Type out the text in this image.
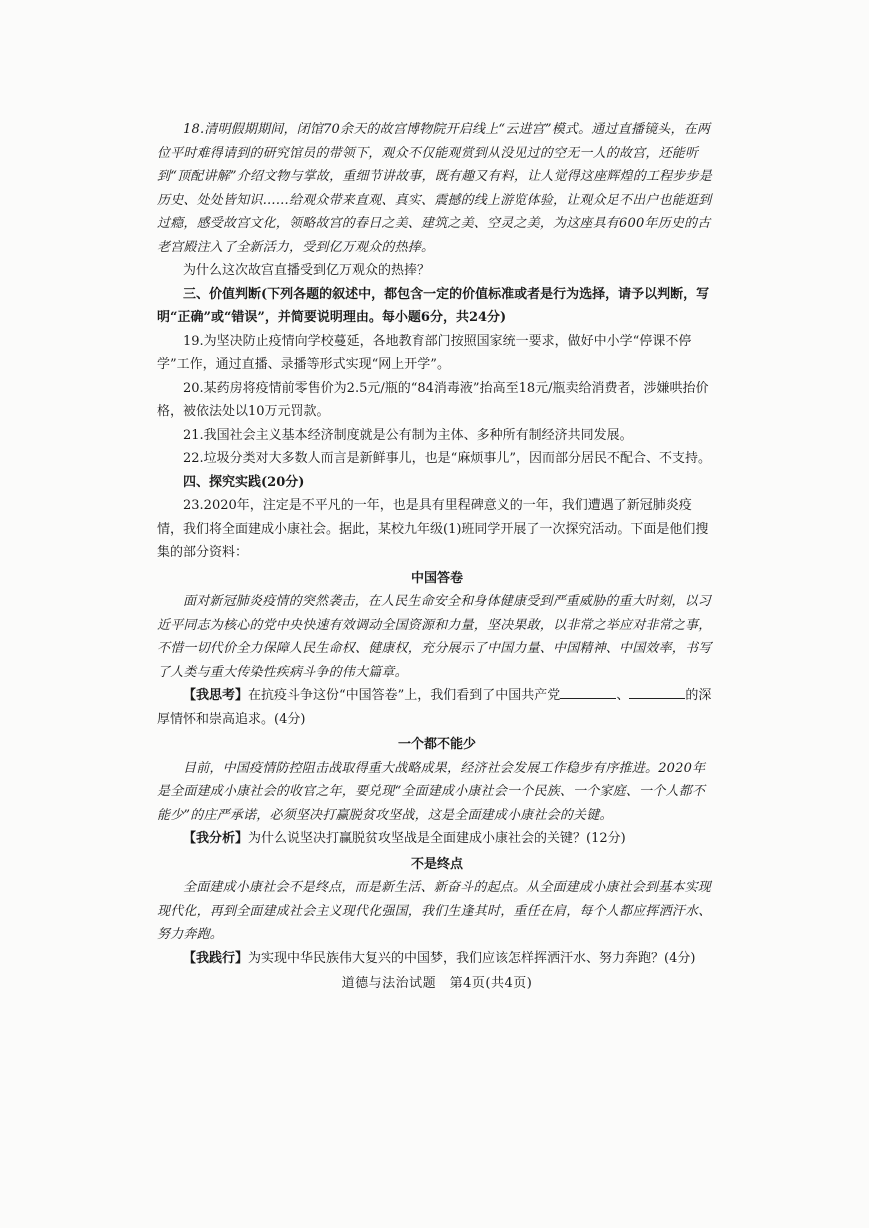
18.清明假期期间，闭馆70余天的故宫博物院开启线上“云进宫”模式。通过直播镜头，在两位平时难得请到的研究馆员的带领下，观众不仅能观赏到从没见过的空无一人的故宫，还能听到“顶配讲解”介绍文物与掌故，重细节讲故事，既有趣又有料，让人觉得这座辉煌的工程步步是历史、处处皆知识……给观众带来直观、真实、震撼的线上游览体验，让观众足不出户也能逛到过瘾，感受故宫文化，领略故宫的春日之美、建筑之美、空灵之美，为这座具有600年历史的古老宫殿注入了全新活力，受到亿万观众的热捧。

为什么这次故宫直播受到亿万观众的热捧？

三、价值判断(下列各题的叙述中，都包含一定的价值标准或者是行为选择，请予以判断，写明“正确”或“错误”，并简要说明理由。每小题6分，共24分)

19.为坚决防止疫情向学校蔓延，各地教育部门按照国家统一要求，做好中小学“停课不停学”工作，通过直播、录播等形式实现“网上开学”。

20.某药房将疫情前零售价为2.5元/瓶的“84消毒液”抬高至18元/瓶卖给消费者，涉嫌哄抬价格，被依法处以10万元罚款。

21.我国社会主义基本经济制度就是公有制为主体、多种所有制经济共同发展。

22.垃圾分类对大多数人而言是新鲜事儿，也是“麻烦事儿”，因而部分居民不配合、不支持。

四、探究实践(20分)

23.2020年，注定是不平凡的一年，也是具有里程碑意义的一年，我们遭遇了新冠肺炎疫情，我们将全面建成小康社会。据此，某校九年级(1)班同学开展了一次探究活动。下面是他们搜集的部分资料：

中国答卷

面对新冠肺炎疫情的突然袭击，在人民生命安全和身体健康受到严重威胁的重大时刻，以习近平同志为核心的党中央快速有效调动全国资源和力量，坚决果敢，以非常之举应对非常之事，不惜一切代价全力保障人民生命权、健康权，充分展示了中国力量、中国精神、中国效率，书写了人类与重大传染性疾病斗争的伟大篇章。

【我思考】在抗疫斗争这份“中国答卷”上，我们看到了中国共产党	、	的深厚情怀和崇高追求。(4分)

一个都不能少

目前，中国疫情防控阻击战取得重大战略成果，经济社会发展工作稳步有序推进。2020年是全面建成小康社会的收官之年，要兑现“全面建成小康社会一个民族、一个家庭、一个人都不能少”的庄严承诺，必须坚决打赢脱贫攻坚战，这是全面建成小康社会的关键。

【我分析】为什么说坚决打赢脱贫攻坚战是全面建成小康社会的关键？(12分)

不是终点

全面建成小康社会不是终点，而是新生活、新奋斗的起点。从全面建成小康社会到基本实现现代化，再到全面建成社会主义现代化强国，我们生逢其时，重任在肩，每个人都应挥洒汗水、努力奔跑。

【我践行】为实现中华民族伟大复兴的中国梦，我们应该怎样挥洒汗水、努力奔跑？(4分)

道德与法治试题　第4页(共4页)
